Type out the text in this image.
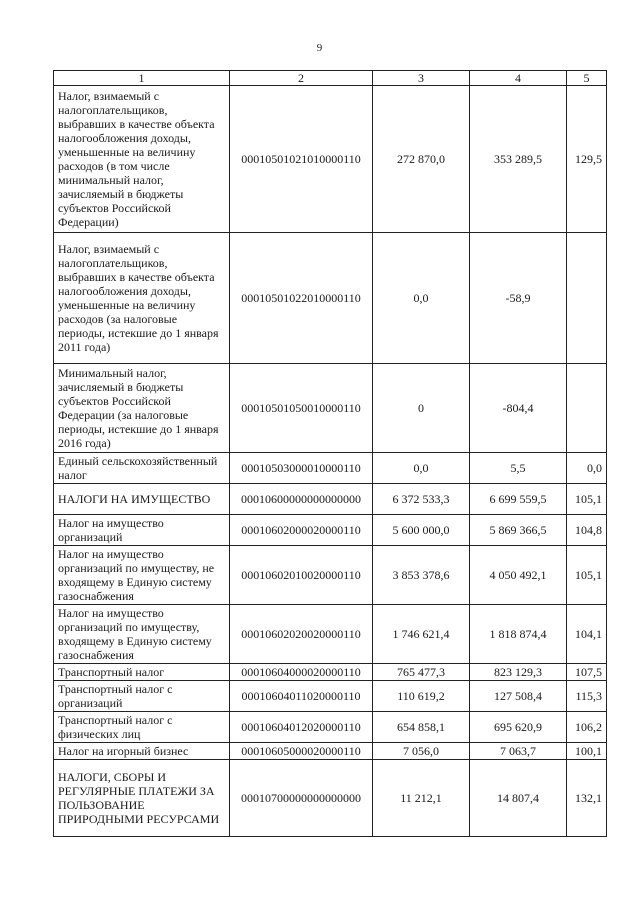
9
1	2	3	4	5
Налог, взимаемый с налогоплательщиков, выбравших в качестве объекта налогообложения доходы, уменьшенные на величину расходов (в том числе минимальный налог, зачисляемый в бюджеты субъектов Российской Федерации)	00010501021010000110	272 870,0	353 289,5	129,5
Налог, взимаемый с налогоплательщиков, выбравших в качестве объекта налогообложения доходы, уменьшенные на величину расходов (за налоговые периоды, истекшие до 1 января 2011 года)	00010501022010000110	0,0	-58,9	
Минимальный налог, зачисляемый в бюджеты субъектов Российской Федерации (за налоговые периоды, истекшие до 1 января 2016 года)	00010501050010000110	0	-804,4	
Единый сельскохозяйственный налог	00010503000010000110	0,0	5,5	0,0
НАЛОГИ НА ИМУЩЕСТВО	00010600000000000000	6 372 533,3	6 699 559,5	105,1
Налог на имущество организаций	00010602000020000110	5 600 000,0	5 869 366,5	104,8
Налог на имущество организаций по имуществу, не входящему в Единую систему газоснабжения	00010602010020000110	3 853 378,6	4 050 492,1	105,1
Налог на имущество организаций по имуществу, входящему в Единую систему газоснабжения	00010602020020000110	1 746 621,4	1 818 874,4	104,1
Транспортный налог	00010604000020000110	765 477,3	823 129,3	107,5
Транспортный налог с организаций	00010604011020000110	110 619,2	127 508,4	115,3
Транспортный налог с физических лиц	00010604012020000110	654 858,1	695 620,9	106,2
Налог на игорный бизнес	00010605000020000110	7 056,0	7 063,7	100,1
НАЛОГИ, СБОРЫ И РЕГУЛЯРНЫЕ ПЛАТЕЖИ ЗА ПОЛЬЗОВАНИЕ ПРИРОДНЫМИ РЕСУРСАМИ	00010700000000000000	11 212,1	14 807,4	132,1
